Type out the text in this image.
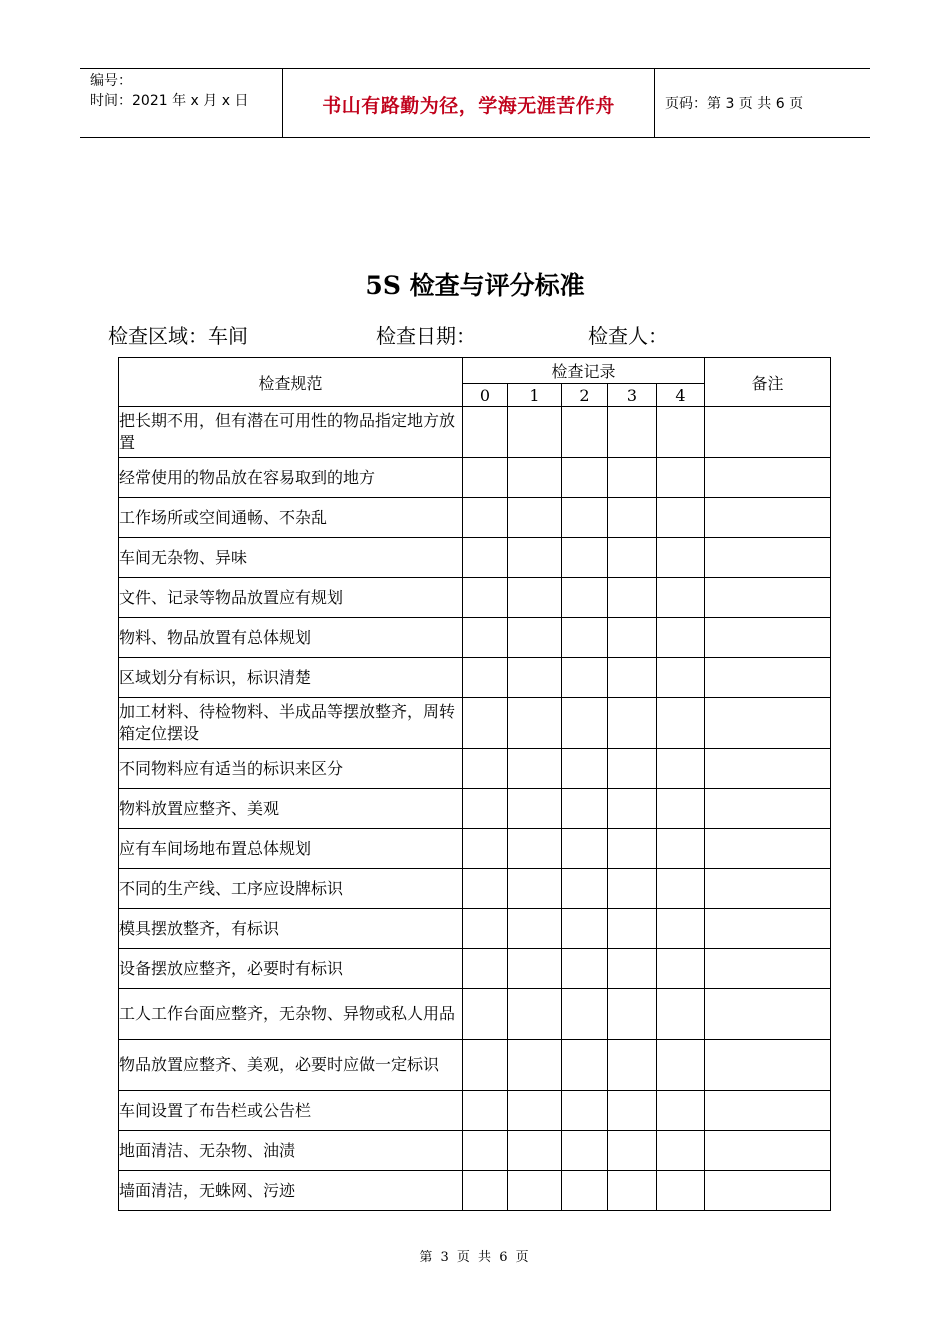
编号：
时间：2021 年 x 月 x 日	书山有路勤为径，学海无涯苦作舟	页码：第 3 页 共 6 页
5S 检查与评分标准
检查区域：车间	检查日期：	检查人：
检查规范	检查记录					备注
	0	1	2	3	4	
把长期不用，但有潜在可用性的物品指定地方放置						
经常使用的物品放在容易取到的地方						
工作场所或空间通畅、不杂乱						
车间无杂物、异味						
文件、记录等物品放置应有规划						
物料、物品放置有总体规划						
区域划分有标识，标识清楚						
加工材料、待检物料、半成品等摆放整齐，周转箱定位摆设						
不同物料应有适当的标识来区分						
物料放置应整齐、美观						
应有车间场地布置总体规划						
不同的生产线、工序应设牌标识						
模具摆放整齐，有标识						
设备摆放应整齐，必要时有标识						
工人工作台面应整齐，无杂物、异物或私人用品						
物品放置应整齐、美观，必要时应做一定标识						
车间设置了布告栏或公告栏						
地面清洁、无杂物、油渍						
墙面清洁，无蛛网、污迹						
第 3 页 共 6 页
